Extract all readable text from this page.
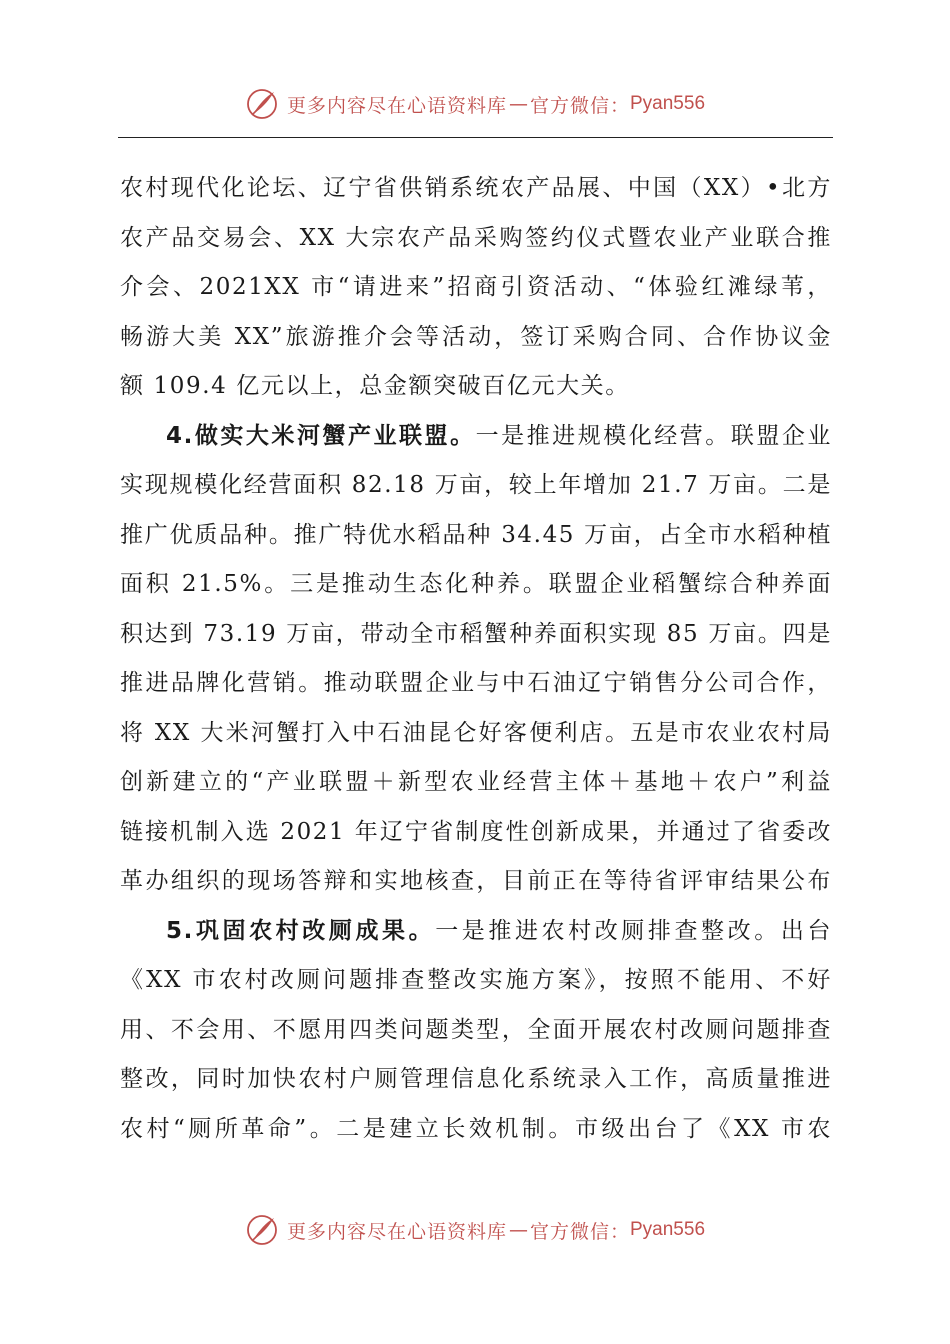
更多内容尽在心语资料库 — 官方微信： Pyan556
农村现代化论坛、辽宁省供销系统农产品展、中国（XX）•北方
农产品交易会、XX 大宗农产品采购签约仪式暨农业产业联合推
介会、2021XX 市“请进来”招商引资活动、“体验红滩绿苇，
畅游大美 XX”旅游推介会等活动，签订采购合同、合作协议金
额 109.4 亿元以上，总金额突破百亿元大关。
4.做实大米河蟹产业联盟。一是推进规模化经营。联盟企业
实现规模化经营面积 82.18 万亩，较上年增加 21.7 万亩。二是
推广优质品种。推广特优水稻品种 34.45 万亩，占全市水稻种植
面积 21.5%。三是推动生态化种养。联盟企业稻蟹综合种养面
积达到 73.19 万亩，带动全市稻蟹种养面积实现 85 万亩。四是
推进品牌化营销。推动联盟企业与中石油辽宁销售分公司合作，
将 XX 大米河蟹打入中石油昆仑好客便利店。五是市农业农村局
创新建立的“产业联盟＋新型农业经营主体＋基地＋农户”利益
链接机制入选 2021 年辽宁省制度性创新成果，并通过了省委改
革办组织的现场答辩和实地核查，目前正在等待省评审结果公布
5.巩固农村改厕成果。一是推进农村改厕排查整改。出台
《XX 市农村改厕问题排查整改实施方案》，按照不能用、不好
用、不会用、不愿用四类问题类型，全面开展农村改厕问题排查
整改，同时加快农村户厕管理信息化系统录入工作，高质量推进
农村“厕所革命”。二是建立长效机制。市级出台了《XX 市农
更多内容尽在心语资料库 — 官方微信： Pyan556
